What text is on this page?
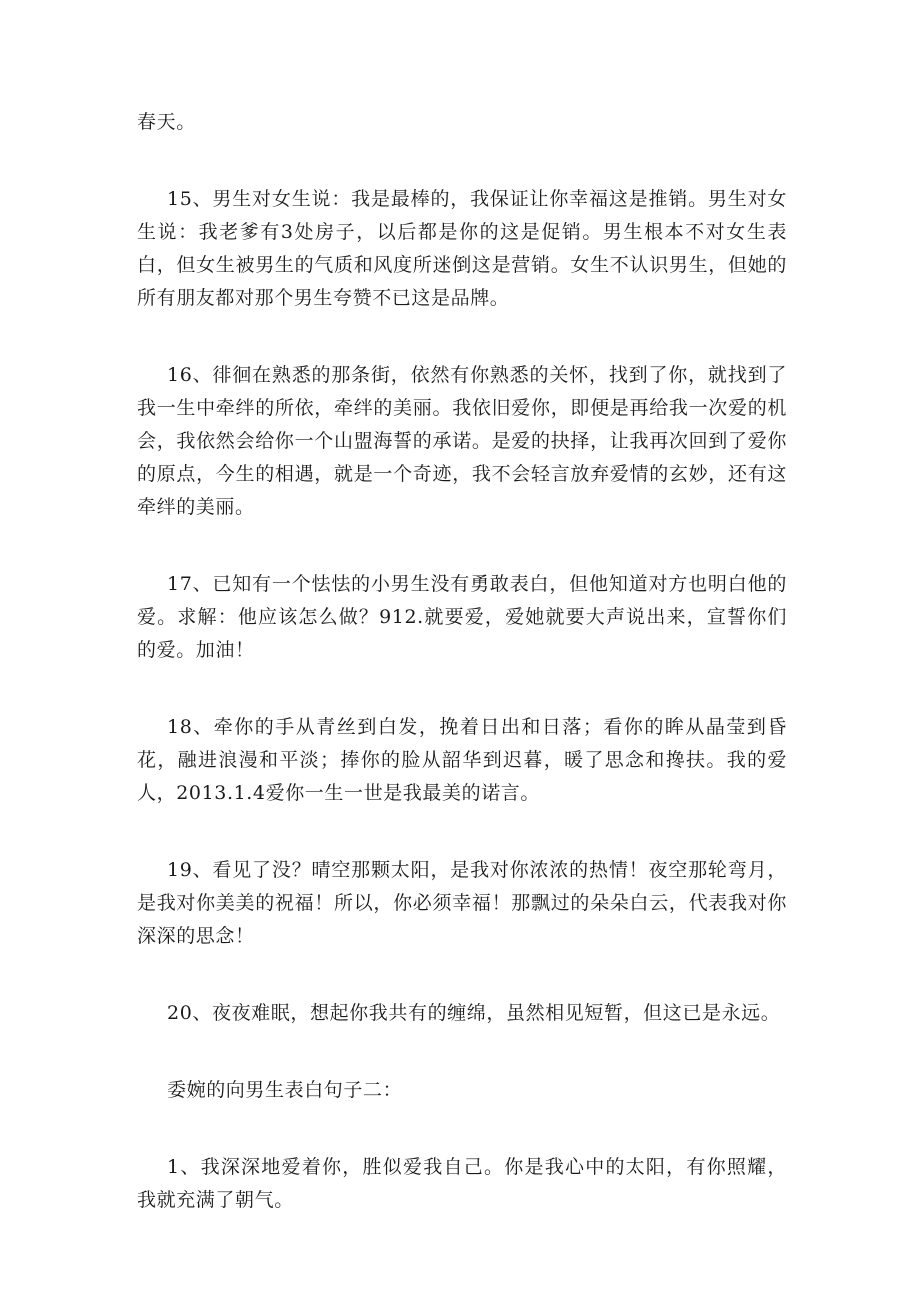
春天。

15、男生对女生说：我是最棒的，我保证让你幸福这是推销。男生对女生说：我老爹有3处房子，以后都是你的这是促销。男生根本不对女生表白，但女生被男生的气质和风度所迷倒这是营销。女生不认识男生，但她的所有朋友都对那个男生夸赞不已这是品牌。

16、徘徊在熟悉的那条街，依然有你熟悉的关怀，找到了你，就找到了我一生中牵绊的所依，牵绊的美丽。我依旧爱你，即便是再给我一次爱的机会，我依然会给你一个山盟海誓的承诺。是爱的抉择，让我再次回到了爱你的原点，今生的相遇，就是一个奇迹，我不会轻言放弃爱情的玄妙，还有这牵绊的美丽。

17、已知有一个怯怯的小男生没有勇敢表白，但他知道对方也明白他的爱。求解：他应该怎么做？912.就要爱，爱她就要大声说出来，宣誓你们的爱。加油！

18、牵你的手从青丝到白发，挽着日出和日落；看你的眸从晶莹到昏花，融进浪漫和平淡；捧你的脸从韶华到迟暮，暖了思念和搀扶。我的爱人，2013.1.4爱你一生一世是我最美的诺言。

19、看见了没？晴空那颗太阳，是我对你浓浓的热情！夜空那轮弯月，是我对你美美的祝福！所以，你必须幸福！那飘过的朵朵白云，代表我对你深深的思念！

20、夜夜难眠，想起你我共有的缠绵，虽然相见短暂，但这已是永远。

委婉的向男生表白句子二：

1、我深深地爱着你，胜似爱我自己。你是我心中的太阳，有你照耀，我就充满了朝气。
